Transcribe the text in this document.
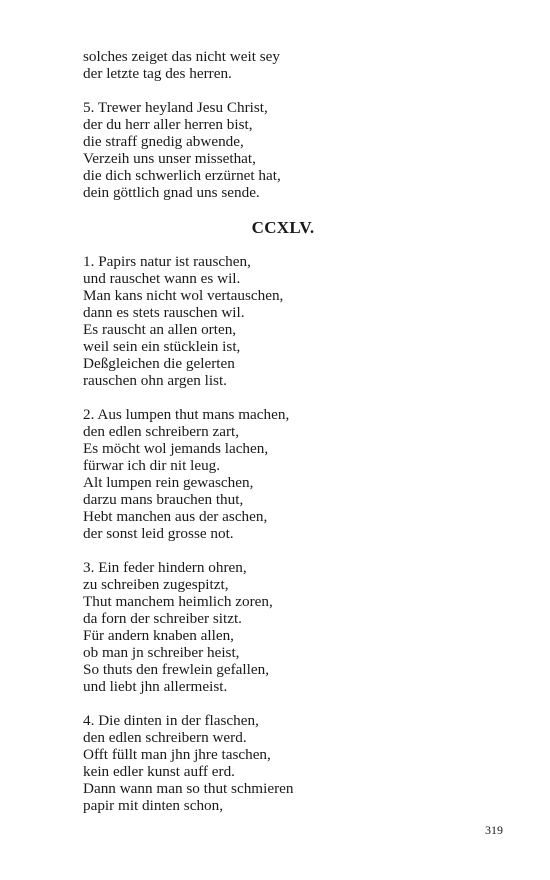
solches zeiget das nicht weit sey
der letzte tag des herren.
5. Trewer heyland Jesu Christ,
der du herr aller herren bist,
die straff gnedig abwende,
Verzeih uns unser missethat,
die dich schwerlich erzürnet hat,
dein göttlich gnad uns sende.
CCXLV.
1. Papirs natur ist rauschen,
und rauschet wann es wil.
Man kans nicht wol vertauschen,
dann es stets rauschen wil.
Es rauscht an allen orten,
weil sein ein stücklein ist,
Deßgleichen die gelerten
rauschen ohn argen list.
2. Aus lumpen thut mans machen,
den edlen schreibern zart,
Es möcht wol jemands lachen,
fürwar ich dir nit leug.
Alt lumpen rein gewaschen,
darzu mans brauchen thut,
Hebt manchen aus der aschen,
der sonst leid grosse not.
3. Ein feder hindern ohren,
zu schreiben zugespitzt,
Thut manchem heimlich zoren,
da forn der schreiber sitzt.
Für andern knaben allen,
ob man jn schreiber heist,
So thuts den frewlein gefallen,
und liebt jhn allermeist.
4. Die dinten in der flaschen,
den edlen schreibern werd.
Offt füllt man jhn jhre taschen,
kein edler kunst auff erd.
Dann wann man so thut schmieren
papir mit dinten schon,
319
